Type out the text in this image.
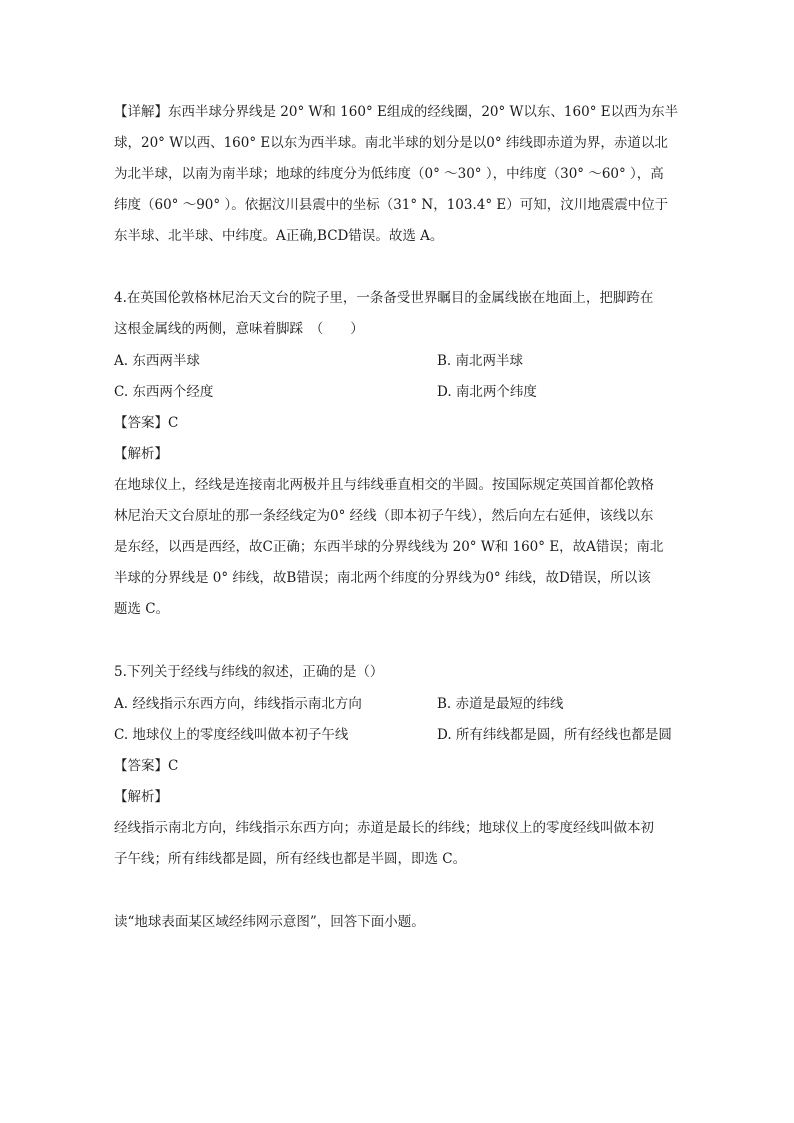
【详解】东西半球分界线是 20° W和 160° E组成的经线圈，20° W以东、160° E以西为东半
球，20° W以西、160° E以东为西半球。南北半球的划分是以0° 纬线即赤道为界，赤道以北
为北半球，以南为南半球；地球的纬度分为低纬度（0° ～30° ），中纬度（30° ～60° ），高
纬度（60° ～90° ）。依据汶川县震中的坐标（31° N，103.4° E）可知，汶川地震震中位于
东半球、北半球、中纬度。A正确,BCD错误。故选 A。
4.在英国伦敦格林尼治天文台的院子里，一条备受世界瞩目的金属线嵌在地面上，把脚跨在
这根金属线的两侧，意味着脚踩　（　　）
A. 东西两半球	B. 南北两半球
C. 东西两个经度	D. 南北两个纬度
【答案】C
【解析】
在地球仪上，经线是连接南北两极并且与纬线垂直相交的半圆。按国际规定英国首都伦敦格
林尼治天文台原址的那一条经线定为0° 经线（即本初子午线），然后向左右延伸，该线以东
是东经，以西是西经，故C正确；东西半球的分界线线为 20° W和 160° E，故A错误；南北
半球的分界线是 0° 纬线，故B错误；南北两个纬度的分界线为0° 纬线，故D错误，所以该
题选 C。
5.下列关于经线与纬线的叙述，正确的是（）
A. 经线指示东西方向，纬线指示南北方向	B. 赤道是最短的纬线
C. 地球仪上的零度经线叫做本初子午线	D. 所有纬线都是圆，所有经线也都是圆
【答案】C
【解析】
经线指示南北方向，纬线指示东西方向；赤道是最长的纬线；地球仪上的零度经线叫做本初
子午线；所有纬线都是圆，所有经线也都是半圆，即选 C。
读“地球表面某区域经纬网示意图”，回答下面小题。
